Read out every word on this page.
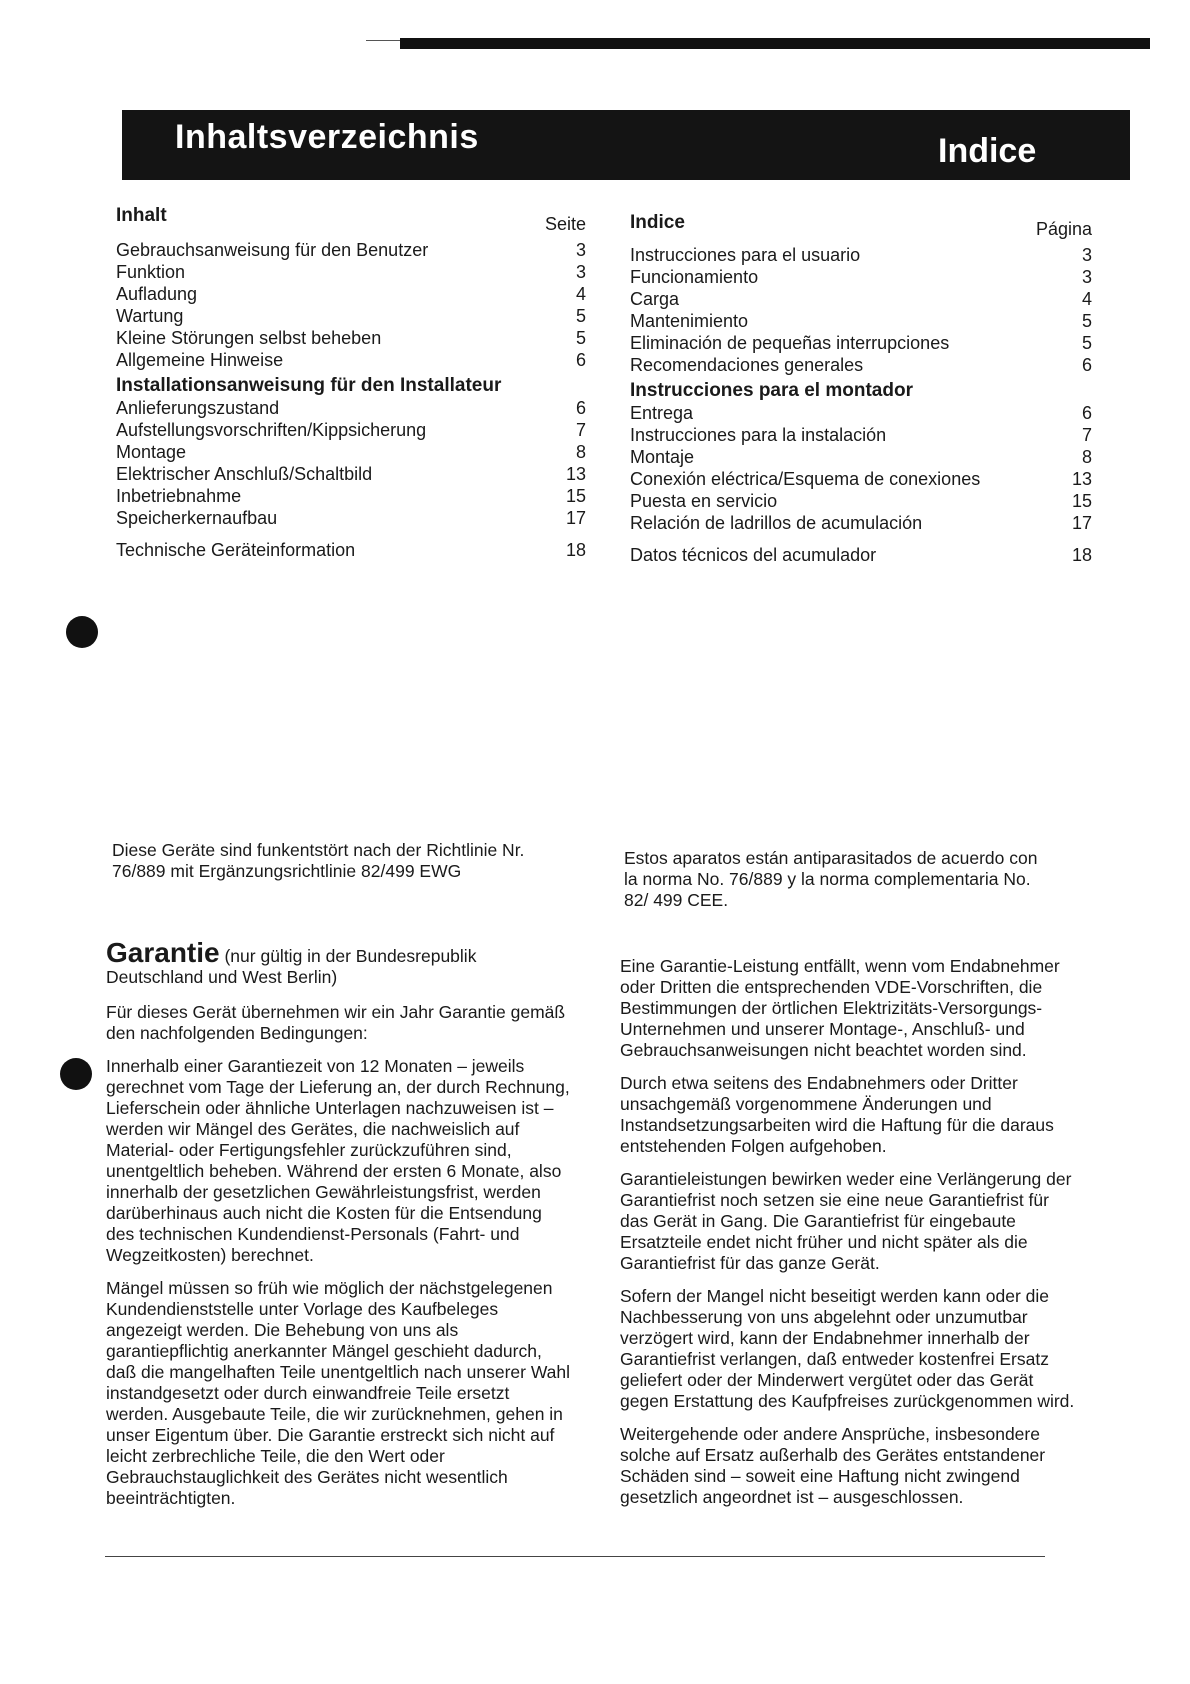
Inhaltsverzeichnis	Indice
Inhalt	Seite
Gebrauchsanweisung für den Benutzer	3
Funktion	3
Aufladung	4
Wartung	5
Kleine Störungen selbst beheben	5
Allgemeine Hinweise	6
Installationsanweisung für den Installateur
Anlieferungszustand	6
Aufstellungsvorschriften/Kippsicherung	7
Montage	8
Elektrischer Anschluß/Schaltbild	13
Inbetriebnahme	15
Speicherkernaufbau	17
Technische Geräteinformation	18
Indice	Página
Instrucciones para el usuario	3
Funcionamiento	3
Carga	4
Mantenimiento	5
Eliminación de pequeñas interrupciones	5
Recomendaciones generales	6
Instrucciones para el montador
Entrega	6
Instrucciones para la instalación	7
Montaje	8
Conexión eléctrica/Esquema de conexiones	13
Puesta en servicio	15
Relación de ladrillos de acumulación	17
Datos técnicos del acumulador	18
Diese Geräte sind funkentstört nach der Richtlinie Nr. 76/889 mit Ergänzungsrichtlinie 82/499 EWG
Estos aparatos están antiparasitados de acuerdo con la norma No. 76/889 y la norma complementaria No. 82/ 499 CEE.

Garantie (nur gültig in der Bundesrepublik Deutschland und West Berlin)

Für dieses Gerät übernehmen wir ein Jahr Garantie gemäß den nachfolgenden Bedingungen:

Innerhalb einer Garantiezeit von 12 Monaten – jeweils gerechnet vom Tage der Lieferung an, der durch Rechnung, Lieferschein oder ähnliche Unterlagen nachzuweisen ist – werden wir Mängel des Gerätes, die nachweislich auf Material- oder Fertigungsfehler zurückzuführen sind, unentgeltlich beheben. Während der ersten 6 Monate, also innerhalb der gesetzlichen Gewährleistungsfrist, werden darüberhinaus auch nicht die Kosten für die Entsendung des technischen Kundendienst-Personals (Fahrt- und Wegzeitkosten) berechnet.

Mängel müssen so früh wie möglich der nächstgelegenen Kundendienststelle unter Vorlage des Kaufbeleges angezeigt werden. Die Behebung von uns als garantiepflichtig anerkannter Mängel geschieht dadurch, daß die mangelhaften Teile unentgeltlich nach unserer Wahl instandgesetzt oder durch einwandfreie Teile ersetzt werden. Ausgebaute Teile, die wir zurücknehmen, gehen in unser Eigentum über. Die Garantie erstreckt sich nicht auf leicht zerbrechliche Teile, die den Wert oder Gebrauchstauglichkeit des Gerätes nicht wesentlich beeinträchtigten.

Eine Garantie-Leistung entfällt, wenn vom Endabnehmer oder Dritten die entsprechenden VDE-Vorschriften, die Bestimmungen der örtlichen Elektrizitäts-Versorgungs-Unternehmen und unserer Montage-, Anschluß- und Gebrauchsanweisungen nicht beachtet worden sind.

Durch etwa seitens des Endabnehmers oder Dritter unsachgemäß vorgenommene Änderungen und Instandsetzungsarbeiten wird die Haftung für die daraus entstehenden Folgen aufgehoben.

Garantieleistungen bewirken weder eine Verlängerung der Garantiefrist noch setzen sie eine neue Garantiefrist für das Gerät in Gang. Die Garantiefrist für eingebaute Ersatzteile endet nicht früher und nicht später als die Garantiefrist für das ganze Gerät.

Sofern der Mangel nicht beseitigt werden kann oder die Nachbesserung von uns abgelehnt oder unzumutbar verzögert wird, kann der Endabnehmer innerhalb der Garantiefrist verlangen, daß entweder kostenfrei Ersatz geliefert oder der Minderwert vergütet oder das Gerät gegen Erstattung des Kaufpfreises zurückgenommen wird.

Weitergehende oder andere Ansprüche, insbesondere solche auf Ersatz außerhalb des Gerätes entstandener Schäden sind – soweit eine Haftung nicht zwingend gesetzlich angeordnet ist – ausgeschlossen.
